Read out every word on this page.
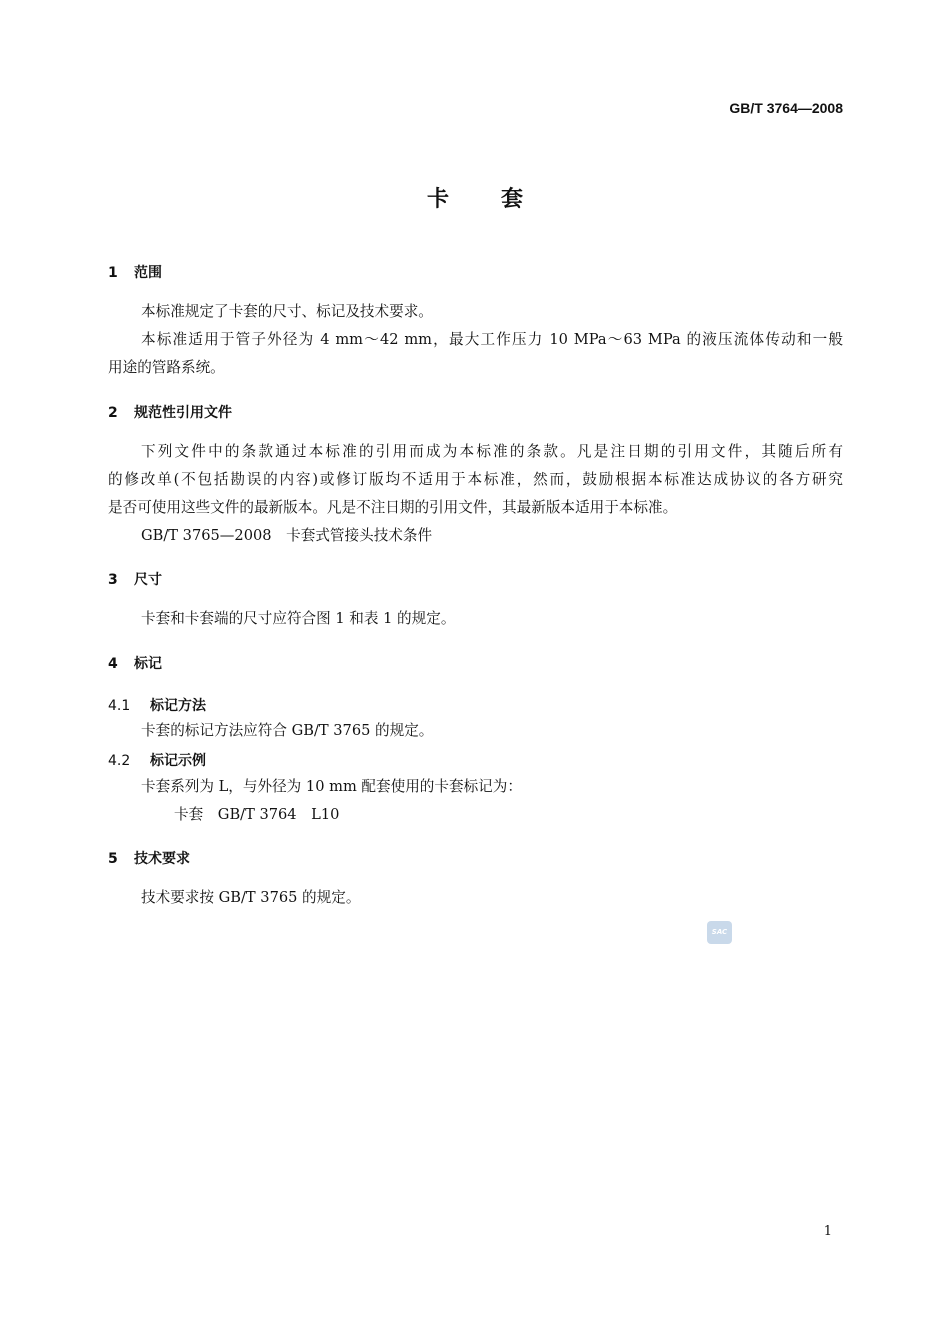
GB/T 3764—2008
卡套
1 范围
本标准规定了卡套的尺寸、标记及技术要求。
本标准适用于管子外径为 4 mm～42 mm，最大工作压力 10 MPa～63 MPa 的液压流体传动和一般
用途的管路系统。
2 规范性引用文件
下列文件中的条款通过本标准的引用而成为本标准的条款。凡是注日期的引用文件，其随后所有
的修改单(不包括勘误的内容)或修订版均不适用于本标准，然而，鼓励根据本标准达成协议的各方研究
是否可使用这些文件的最新版本。凡是不注日期的引用文件，其最新版本适用于本标准。
GB/T 3765—2008　卡套式管接头技术条件
3 尺寸
卡套和卡套端的尺寸应符合图 1 和表 1 的规定。
4 标记
4.1 标记方法
卡套的标记方法应符合 GB/T 3765 的规定。
4.2 标记示例
卡套系列为 L，与外径为 10 mm 配套使用的卡套标记为：
卡套　GB/T 3764　L10
5 技术要求
技术要求按 GB/T 3765 的规定。
SAC
1
